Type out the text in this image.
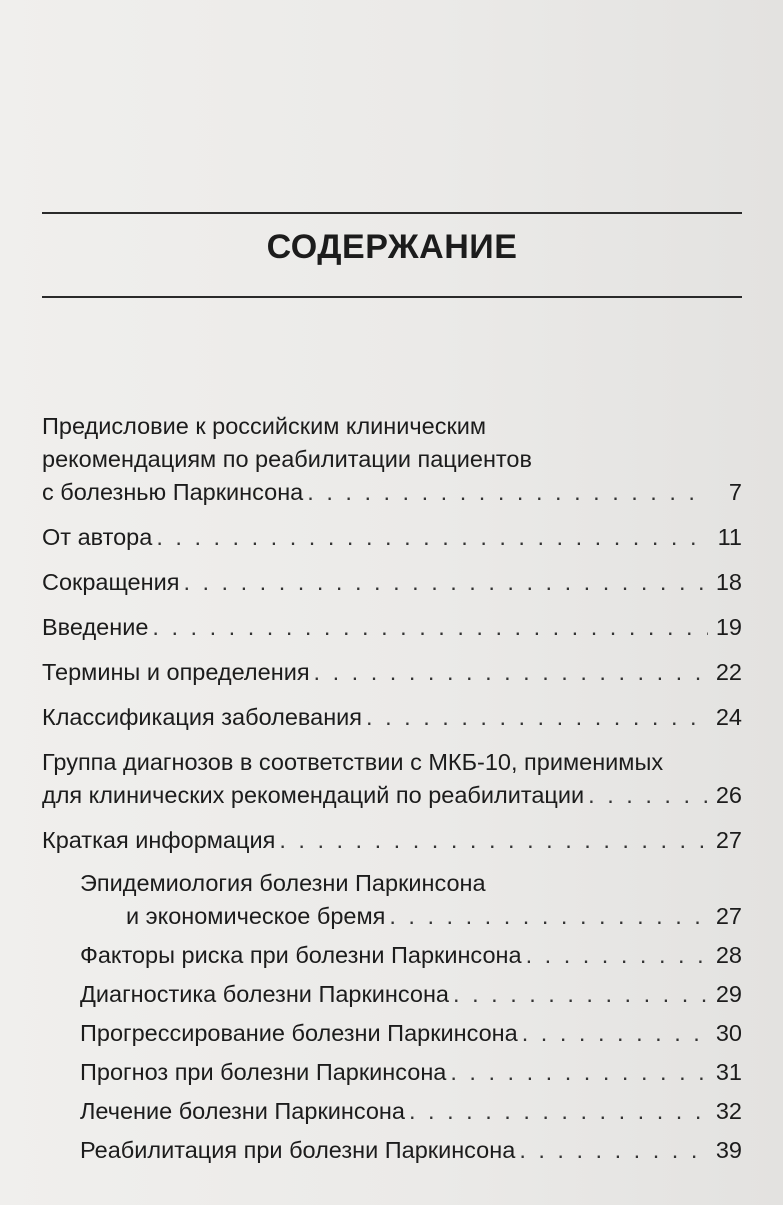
СОДЕРЖАНИЕ
Предисловие к российским клиническим
рекомендациям по реабилитации пациентов
с болезнью Паркинсона . . .	7
От автора . . .	11
Сокращения . . .	18
Введение . . .	19
Термины и определения . . .	22
Классификация заболевания . . .	24
Группа диагнозов в соответствии с МКБ-10, применимых
для клинических рекомендаций по реабилитации . . .	26
Краткая информация . . .	27
Эпидемиология болезни Паркинсона
и экономическое бремя . . .	27
Факторы риска при болезни Паркинсона . . .	28
Диагностика болезни Паркинсона . . .	29
Прогрессирование болезни Паркинсона . . .	30
Прогноз при болезни Паркинсона . . .	31
Лечение болезни Паркинсона . . .	32
Реабилитация при болезни Паркинсона . . .	39
